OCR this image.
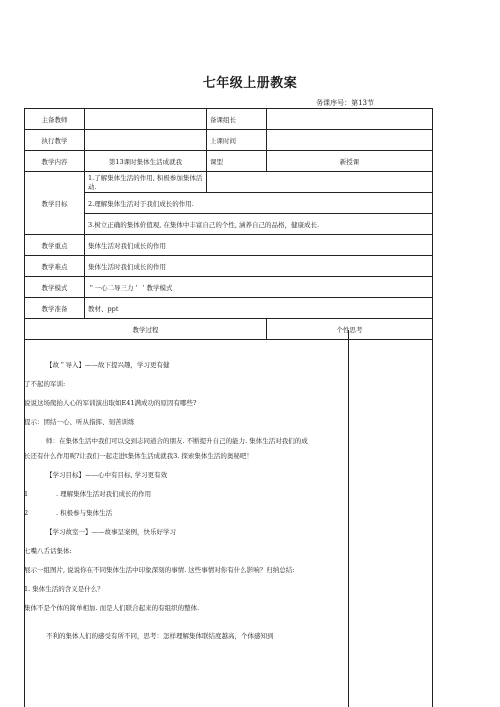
七年级上册教案
务课序号：第13节
主备教师		备课组长	
执行教学		上课时间	
教学内容	第13课时集体生活成就我	课型	新授课
教学目标	1.了解集体生活的作用, 积极参加集体活动.		
	2.理解集体生活对于我们成长的作用.		
	3.树立正确的集体价值观, 在集体中丰富自己的个性, 涵养自己的品格，健康成长.		
教学重点	集体生活对我们成长的作用		
教学难点	集体生活时我们成长的作用		
教学模式	＂一心二导三力＇＇教学模式		
教学准备	教材、ppt		
教学过程			个性思考

【故＂导入】——故下提兴趣，学习更有健

了不起的军训:

说说这场爬抬人心的军训演出取如E41满成功的原因有哪些?

提示：团结一心、听从指挥、刻苦训练

师：在集体生活中我们可以交到志同道合的朋友. 不断提升自己的能力. 集体生活对我们的成

长还有什么作用呢?让我们一起走进t集体生活成就我3. 探索集体生活的奥秘吧！

【学习目标】——心中有目标, 学习更有效

1	. 理解集体生活对我们成长的作用

2	. 积极参与集体生活

【学习故室一】——故事呈案例，快乐好学习

七嘴八舌话集体:

展示一组图片, 说说你在不同集体生活中印象深刻的事情. 这些事情对你有什么影响？归纳总结:

1. 集体生活的含义是什么？

集体不是个体的简单相加. 而是人们联合起来的有组织的整体.

不利的集体人们的感受有所不同，思考：怎样理解集体联结度越高，个体感知到
